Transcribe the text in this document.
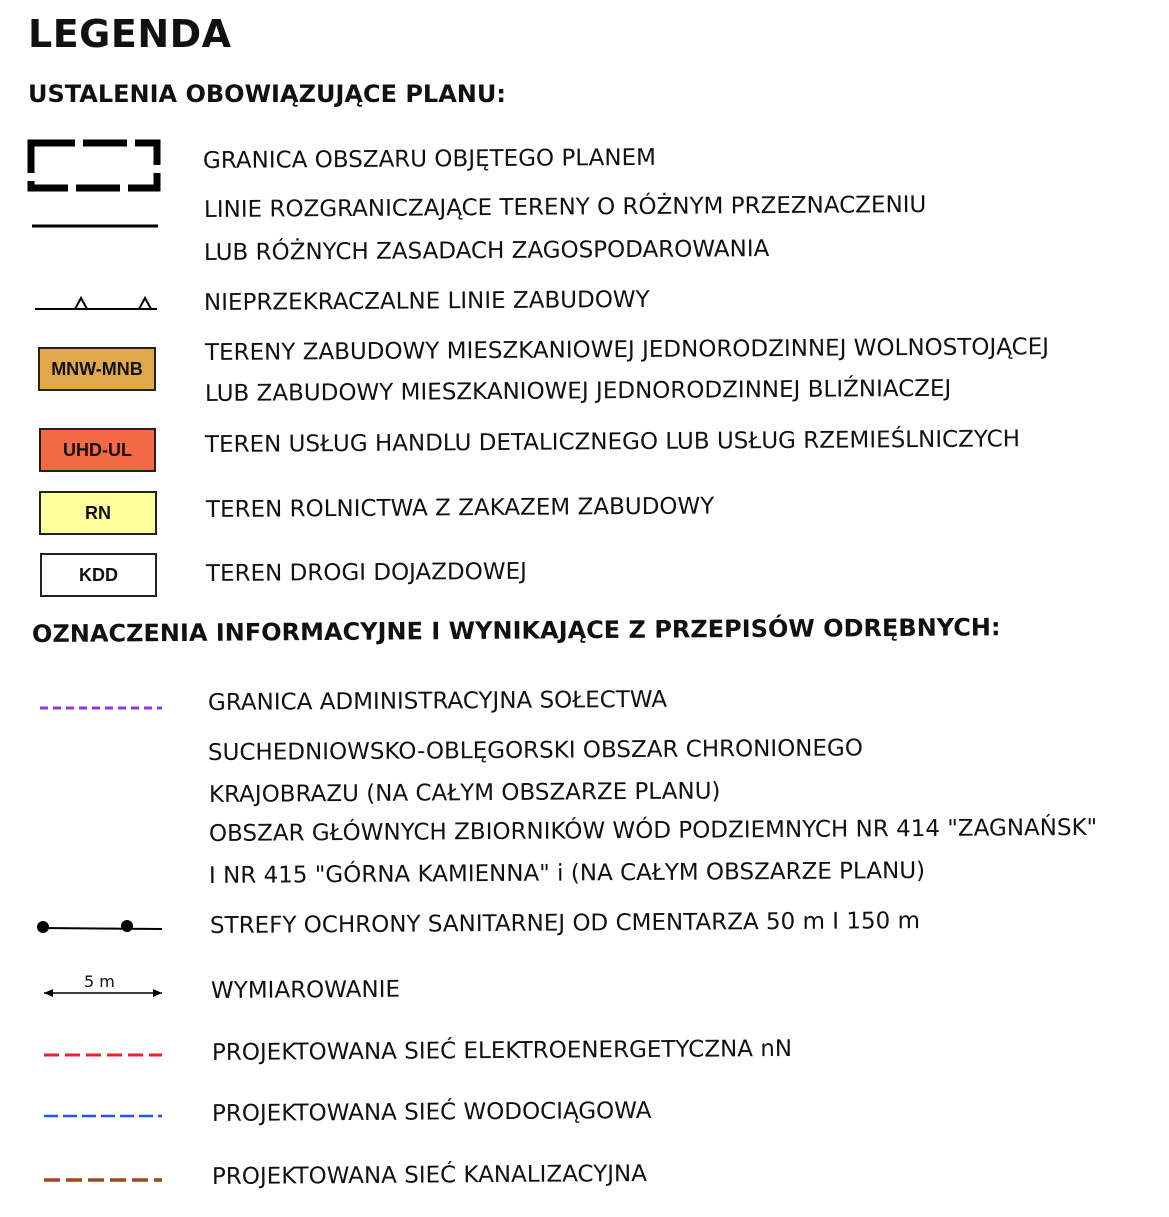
LEGENDA
USTALENIA OBOWIĄZUJĄCE PLANU:
MNW-MNB
UHD-UL
RN
KDD
GRANICA OBSZARU OBJĘTEGO PLANEM
LINIE ROZGRANICZAJĄCE TERENY O RÓŻNYM PRZEZNACZENIU
LUB RÓŻNYCH ZASADACH ZAGOSPODAROWANIA
NIEPRZEKRACZALNE LINIE ZABUDOWY
TERENY ZABUDOWY MIESZKANIOWEJ JEDNORODZINNEJ WOLNOSTOJĄCEJ
LUB ZABUDOWY MIESZKANIOWEJ JEDNORODZINNEJ BLIŹNIACZEJ
TEREN USŁUG HANDLU DETALICZNEGO LUB USŁUG RZEMIEŚLNICZYCH
TEREN ROLNICTWA Z ZAKAZEM ZABUDOWY
TEREN DROGI DOJAZDOWEJ
OZNACZENIA INFORMACYJNE I WYNIKAJĄCE Z PRZEPISÓW ODRĘBNYCH:
5 m
GRANICA ADMINISTRACYJNA SOŁECTWA
SUCHEDNIOWSKO-OBLĘGORSKI OBSZAR CHRONIONEGO
KRAJOBRAZU (NA CAŁYM OBSZARZE PLANU)
OBSZAR GŁÓWNYCH ZBIORNIKÓW WÓD PODZIEMNYCH NR 414 "ZAGNAŃSK"
I NR 415 "GÓRNA KAMIENNA" i (NA CAŁYM OBSZARZE PLANU)
STREFY OCHRONY SANITARNEJ OD CMENTARZA 50 m I 150 m
WYMIAROWANIE
PROJEKTOWANA SIEĆ ELEKTROENERGETYCZNA nN
PROJEKTOWANA SIEĆ WODOCIĄGOWA
PROJEKTOWANA SIEĆ KANALIZACYJNA
